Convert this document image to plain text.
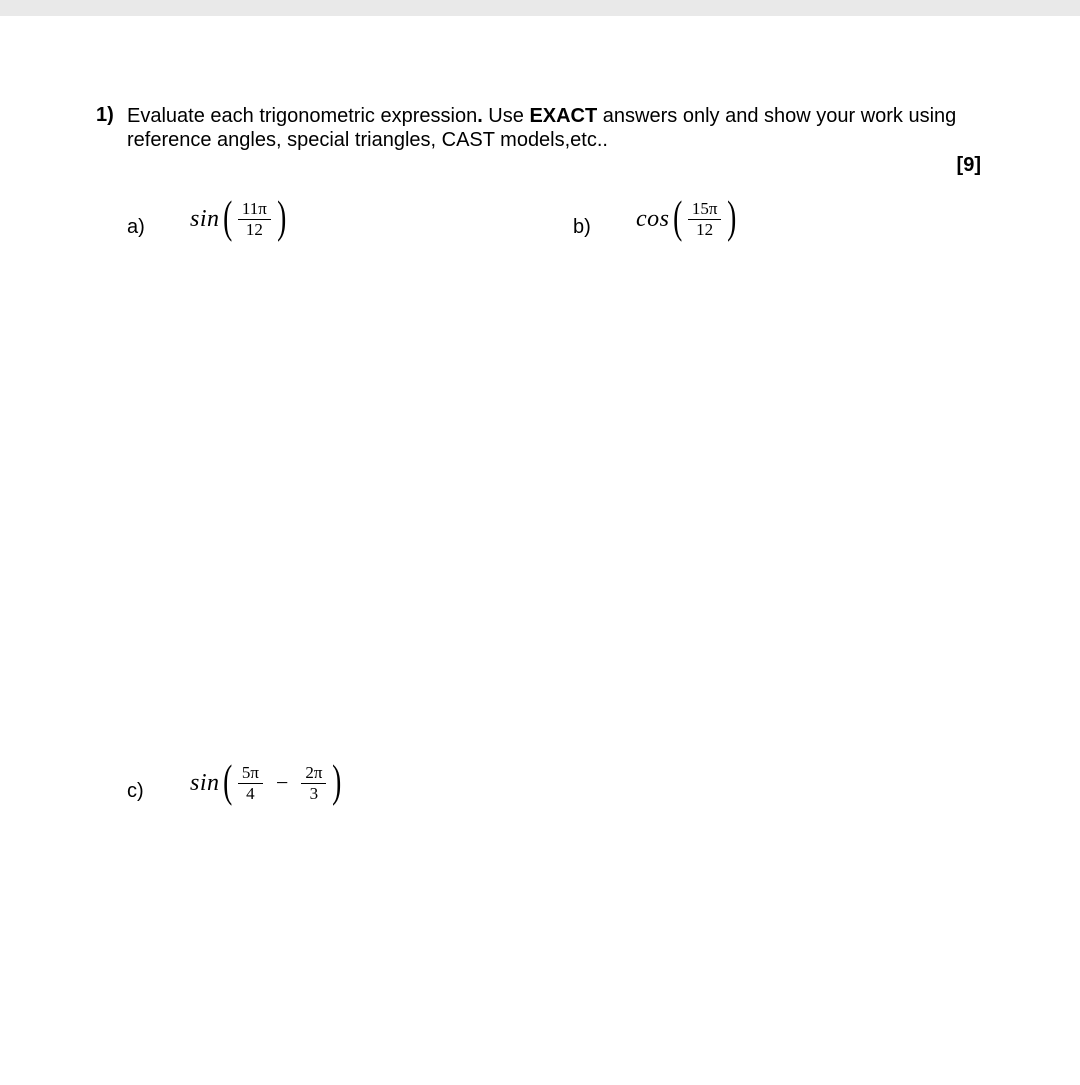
1) Evaluate each trigonometric expression. Use EXACT answers only and show your work using reference angles, special triangles, CAST models,etc..
[9]
a) sin ( $\frac{11\pi}{12}$ )	b) cos ( $\frac{15\pi}{12}$ )
c) sin ( $\frac{5\pi}{4} - \frac{2\pi}{3}$ )
